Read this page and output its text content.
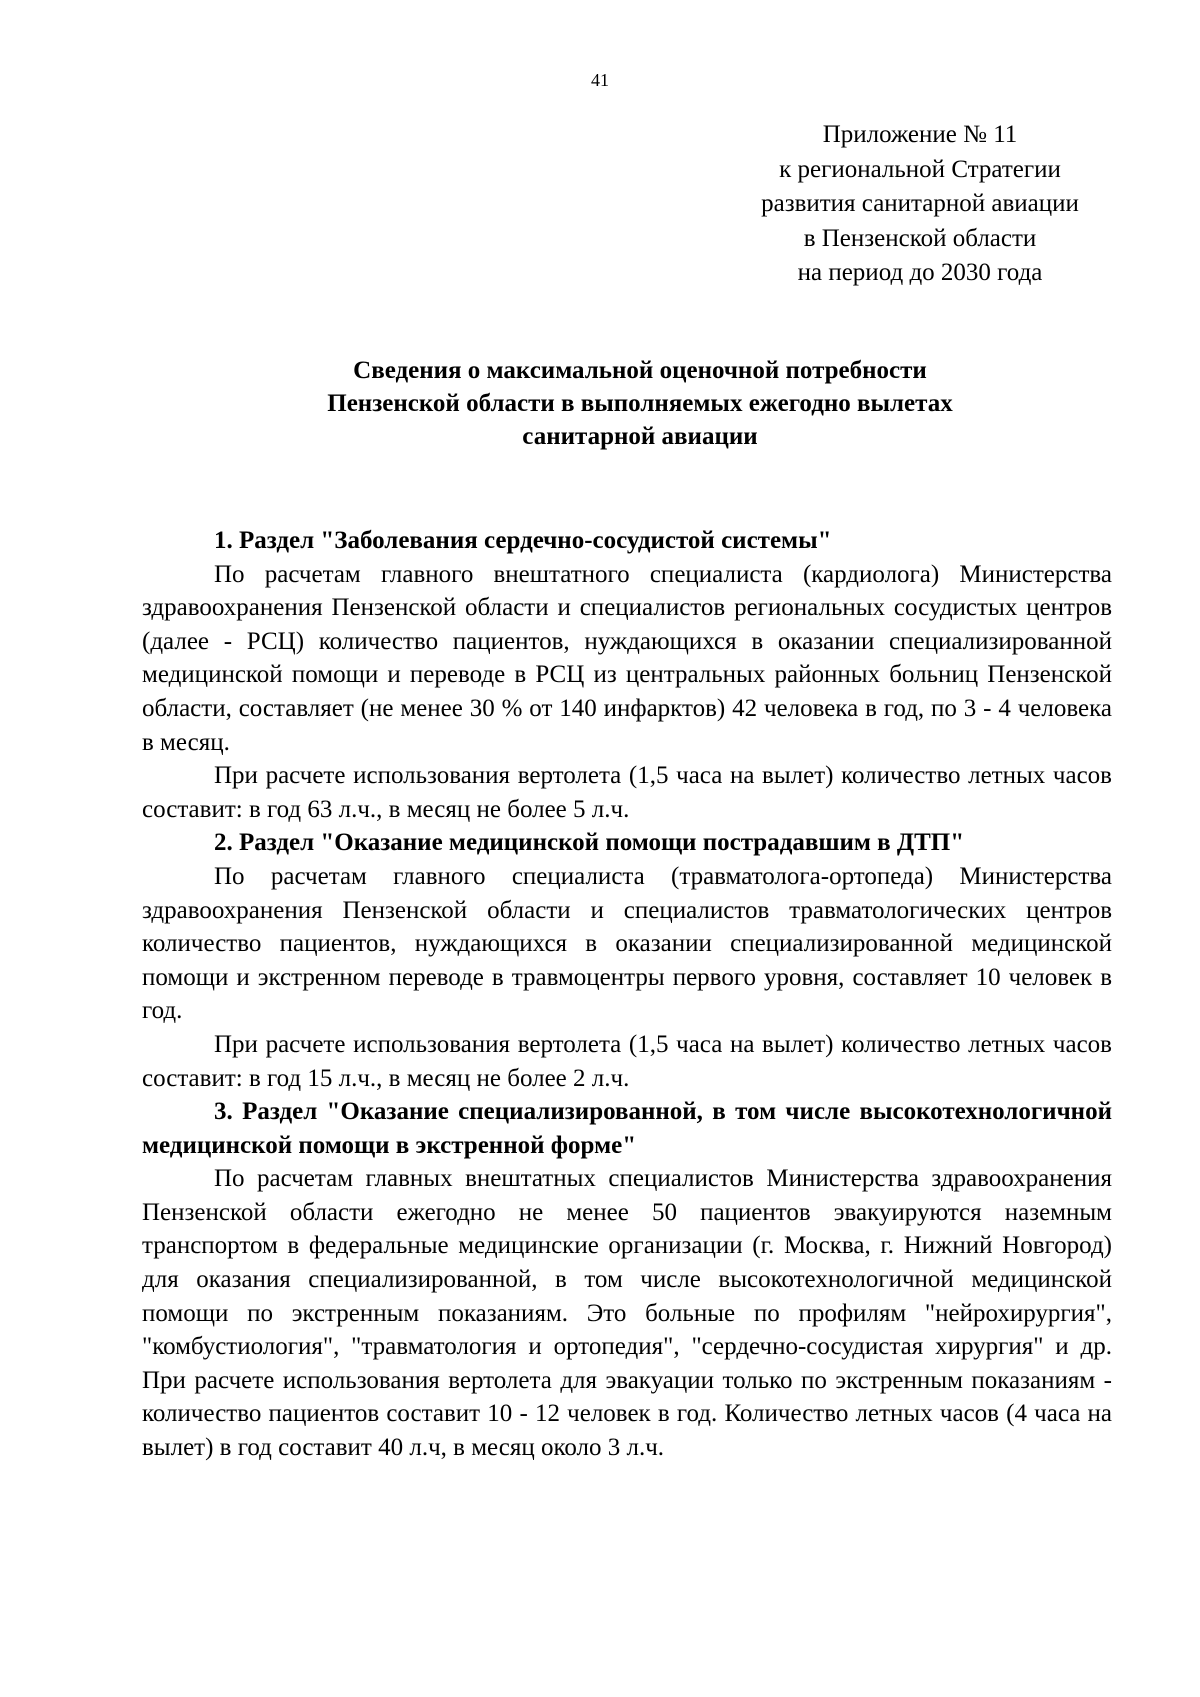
41
Приложение № 11
к региональной Стратегии
развития санитарной авиации
в Пензенской области
на период до 2030 года
Сведения о максимальной оценочной потребности
Пензенской области в выполняемых ежегодно вылетах
санитарной авиации

1. Раздел "Заболевания сердечно-сосудистой системы"

По расчетам главного внештатного специалиста (кардиолога) Министерства здравоохранения Пензенской области и специалистов региональных сосудистых центров (далее - РСЦ) количество пациентов, нуждающихся в оказании специализированной медицинской помощи и переводе в РСЦ из центральных районных больниц Пензенской области, составляет (не менее 30 % от 140 инфарктов) 42 человека в год, по 3 - 4 человека в месяц.

При расчете использования вертолета (1,5 часа на вылет) количество летных часов составит: в год 63 л.ч., в месяц не более 5 л.ч.

2. Раздел "Оказание медицинской помощи пострадавшим в ДТП"

По расчетам главного специалиста (травматолога-ортопеда) Министерства здравоохранения Пензенской области и специалистов травматологических центров количество пациентов, нуждающихся в оказании специализированной медицинской помощи и экстренном переводе в травмоцентры первого уровня, составляет 10 человек в год.

При расчете использования вертолета (1,5 часа на вылет) количество летных часов составит: в год 15 л.ч., в месяц не более 2 л.ч.

3. Раздел "Оказание специализированной, в том числе высокотехнологичной медицинской помощи в экстренной форме"

По расчетам главных внештатных специалистов Министерства здравоохранения Пензенской области ежегодно не менее 50 пациентов эвакуируются наземным транспортом в федеральные медицинские организации (г. Москва, г. Нижний Новгород) для оказания специализированной, в том числе высокотехнологичной медицинской помощи по экстренным показаниям. Это больные по профилям "нейрохирургия", "комбустиология", "травматология и ортопедия", "сердечно-сосудистая хирургия" и др. При расчете использования вертолета для эвакуации только по экстренным показаниям - количество пациентов составит 10 - 12 человек в год. Количество летных часов (4 часа на вылет) в год составит 40 л.ч, в месяц около 3 л.ч.
